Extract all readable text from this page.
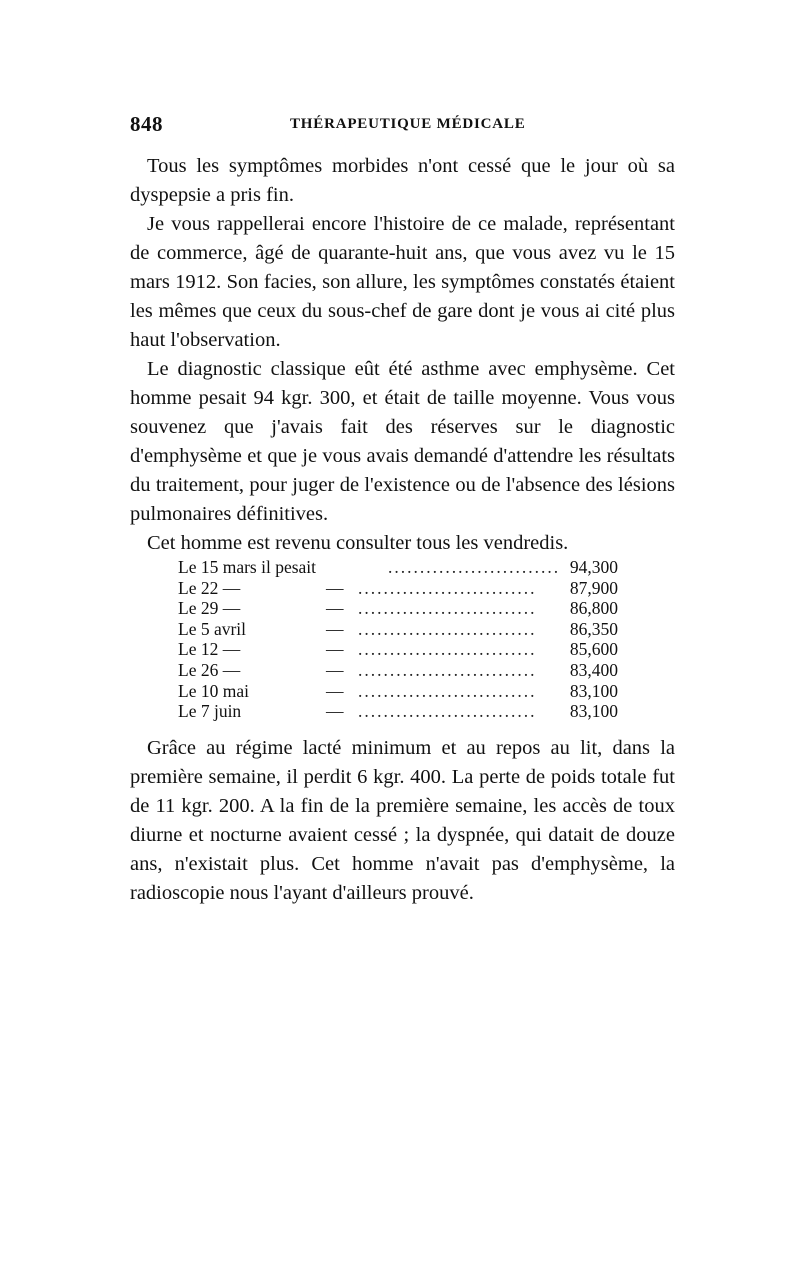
848	THÉRAPEUTIQUE MÉDICALE

Tous les symptômes morbides n'ont cessé que le jour où sa dyspepsie a pris fin.

Je vous rappellerai encore l'histoire de ce malade, représentant de commerce, âgé de quarante-huit ans, que vous avez vu le 15 mars 1912. Son facies, son allure, les symptômes constatés étaient les mêmes que ceux du sous-chef de gare dont je vous ai cité plus haut l'observation.

Le diagnostic classique eût été asthme avec emphysème. Cet homme pesait 94 kgr. 300, et était de taille moyenne. Vous vous souvenez que j'avais fait des réserves sur le diagnostic d'emphysème et que je vous avais demandé d'attendre les résultats du traitement, pour juger de l'existence ou de l'absence des lésions pulmonaires définitives.

Cet homme est revenu consulter tous les vendredis.

Le 15 mars il pesait	........................... 94,300
Le 22 —	— ............................ 87,900
Le 29 —	— ............................ 86,800
Le 5 avril	— ............................ 86,350
Le 12 —	— ............................ 85,600
Le 26 —	— ............................ 83,400
Le 10 mai	— ............................ 83,100
Le 7 juin	— ............................ 83,100

Grâce au régime lacté minimum et au repos au lit, dans la première semaine, il perdit 6 kgr. 400. La perte de poids totale fut de 11 kgr. 200. A la fin de la première semaine, les accès de toux diurne et nocturne avaient cessé ; la dyspnée, qui datait de douze ans, n'existait plus. Cet homme n'avait pas d'emphysème, la radioscopie nous l'ayant d'ailleurs prouvé.
